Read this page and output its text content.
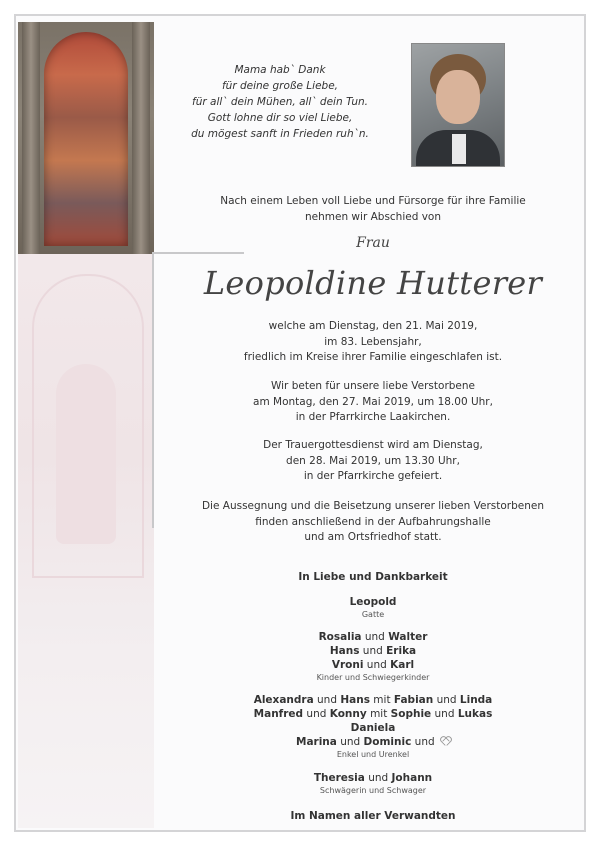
Mama hab` Dank
für deine große Liebe,
für all` dein Mühen, all` dein Tun.
Gott lohne dir so viel Liebe,
du mögest sanft in Frieden ruh`n.
Nach einem Leben voll Liebe und Fürsorge für ihre Familie
nehmen wir Abschied von
Frau
Leopoldine Hutterer
welche am Dienstag, den 21. Mai 2019,
im 83. Lebensjahr,
friedlich im Kreise ihrer Familie eingeschlafen ist.
Wir beten für unsere liebe Verstorbene
am Montag, den 27. Mai 2019, um 18.00 Uhr,
in der Pfarrkirche Laakirchen.
Der Trauergottesdienst wird am Dienstag,
den 28. Mai 2019, um 13.30 Uhr,
in der Pfarrkirche gefeiert.
Die Aussegnung und die Beisetzung unserer lieben Verstorbenen
finden anschließend in der Aufbahrungshalle
und am Ortsfriedhof statt.
In Liebe und Dankbarkeit
Leopold
Gatte
Rosalia und Walter
Hans und Erika
Vroni und Karl
Kinder und Schwiegerkinder
Alexandra und Hans mit Fabian und Linda
Manfred und Konny mit Sophie und Lukas
Daniela
Marina und Dominic und
Enkel und Urenkel
Theresia und Johann
Schwägerin und Schwager
Im Namen aller Verwandten
